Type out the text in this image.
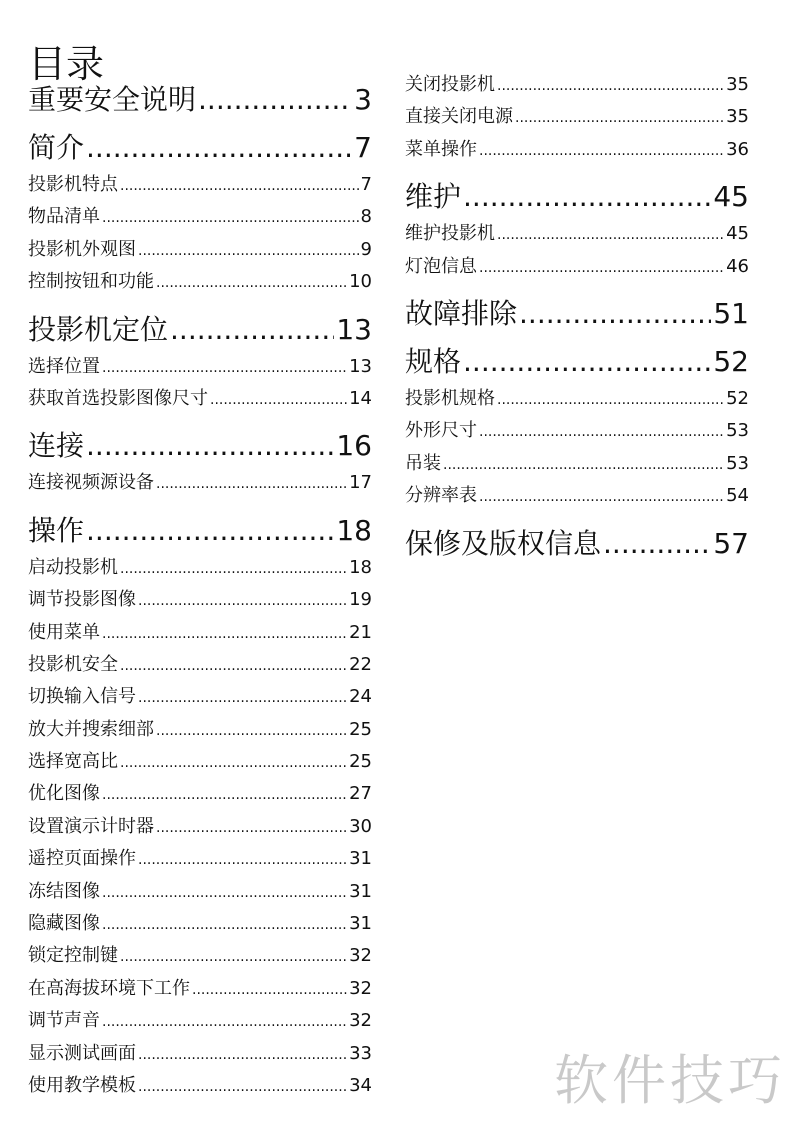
目录
重要安全说明 .....	3
简介 .....	7
投影机特点 .....	7
物品清单 .....	8
投影机外观图 .....	9
控制按钮和功能 .....	10
投影机定位 .....	13
选择位置 .....	13
获取首选投影图像尺寸 .....	14
连接 .....	16
连接视频源设备 .....	17
操作 .....	18
启动投影机 .....	18
调节投影图像 .....	19
使用菜单 .....	21
投影机安全 .....	22
切换输入信号 .....	24
放大并搜索细部 .....	25
选择宽高比 .....	25
优化图像 .....	27
设置演示计时器 .....	30
遥控页面操作 .....	31
冻结图像 .....	31
隐藏图像 .....	31
锁定控制键 .....	32
在高海拔环境下工作 .....	32
调节声音 .....	32
显示测试画面 .....	33
使用教学模板 .....	34
关闭投影机 .....	35
直接关闭电源 .....	35
菜单操作 .....	36
维护 .....	45
维护投影机 .....	45
灯泡信息 .....	46
故障排除 .....	51
规格 .....	52
投影机规格 .....	52
外形尺寸 .....	53
吊装 .....	53
分辨率表 .....	54
保修及版权信息 .....	57
软件技巧
